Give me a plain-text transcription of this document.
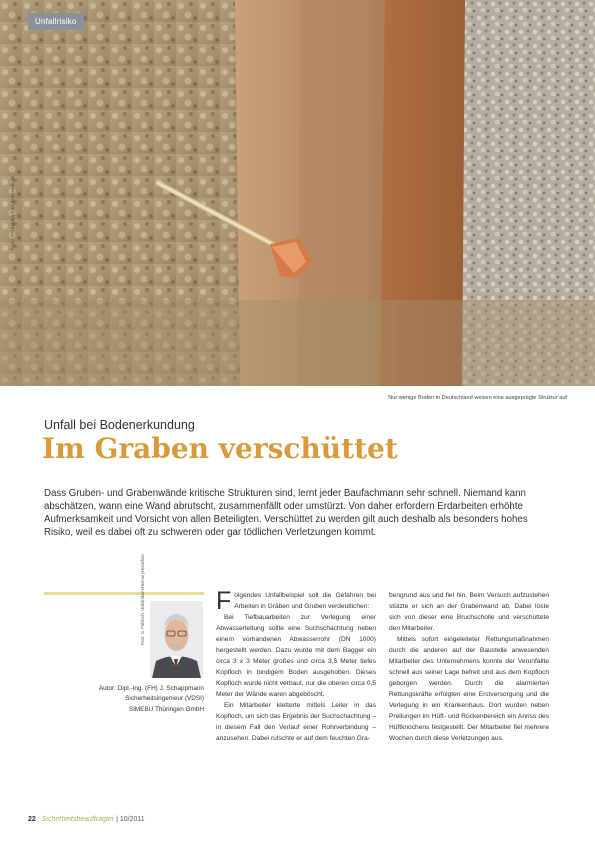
Unfallrisiko
Foto: ©Frankhöpfner.de/pixelio.de
Nur wenige Boden in Deutschland weisen eine ausgeprägte Struktur auf
Unfall bei Bodenerkundung
Im Graben verschüttet
Dass Gruben- und Grabenwände kritische Strukturen sind, lernt jeder Baufachmann sehr schnell. Niemand kann abschätzen, wann eine Wand abrutscht, zusammenfällt oder umstürzt. Von daher erfordern Erdarbeiten erhöhte Aufmerksamkeit und Vorsicht von allen Beteiligten. Verschüttet zu werden gilt auch deshalb als besonders hohes Risiko, weil es dabei oft zu schweren oder gar tödlichen Verletzungen kommt.
Foto: G. Fühlisch, Uniklinikum/Heimat pressefoto
Autor: Dipl.-Ing. (FH) J. Schappmann
Sicherheitsingenieur (VDSI)
SIMEBU Thüringen GmbH

Folgendes Unfallbeispiel soll die Gefahren bei Arbeiten in Gräben und Gruben verdeutlichen:

Bei Tiefbauarbeiten zur Verlegung einer Abwasserleitung sollte eine Suchschachtung neben einem vorhandenen Abwasserrohr (DN 1000) hergestellt werden. Dazu wurde mit dem Bagger ein circa 3 x 3 Meter großes und circa 3,5 Meter tiefes Kopfloch in bindigem Boden ausgehoben. Dieses Kopfloch wurde nicht verbaut, nur die oberen circa 0,5 Meter der Wände waren abgeböscht.

Ein Mitarbeiter kletterte mittels Leiter in das Kopfloch, um sich das Ergebnis der Suchschachtung – in diesem Fall den Verlauf einer Rohrverbindung – anzusehen. Dabei rutschte er auf dem feuchten Gra-

bengrund aus und fiel hin. Beim Versuch aufzustehen stützte er sich an der Grabenwand ab. Dabei löste sich von dieser eine Bruchscholle und verschüttete den Mitarbeiter.

Mittels sofort eingeleiteter Rettungsmaßnahmen durch die anderen auf der Baustelle anwesenden Mitarbeiter des Unternehmens konnte der Verunfallte schnell aus seiner Lage befreit und aus dem Kopfloch geborgen werden. Durch die alarmierten Rettungskräfte erfolgten eine Erstversorgung und die Verlegung in ein Krankenhaus. Dort wurden neben Prellungen im Hüft- und Rückenbereich ein Anriss des Hüftknochens festgestellt. Der Mitarbeiter fiel mehrere Wochen durch diese Verletzungen aus.

22 Sicherheitsbeauftragter | 10/2011
